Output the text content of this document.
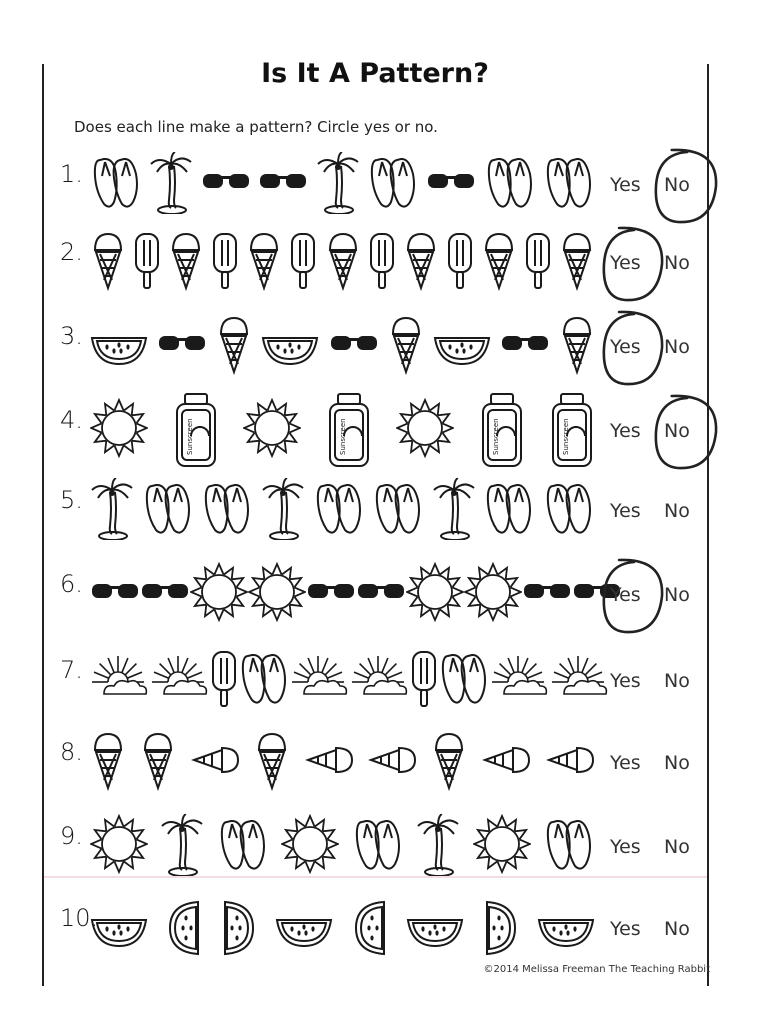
Is It A Pattern?
Does each line make a pattern? Circle yes or no.
1.	Yes No
2.	Yes No
3.	Yes No
4.	Sunscreen	Sunscreen	Sunscreen	Sunscreen Yes No
5.	Yes No
6.	Yes No
7.	Yes No
8.	Yes No
9.	Yes No
10.	Yes No
©2014 Melissa Freeman The Teaching Rabbit
